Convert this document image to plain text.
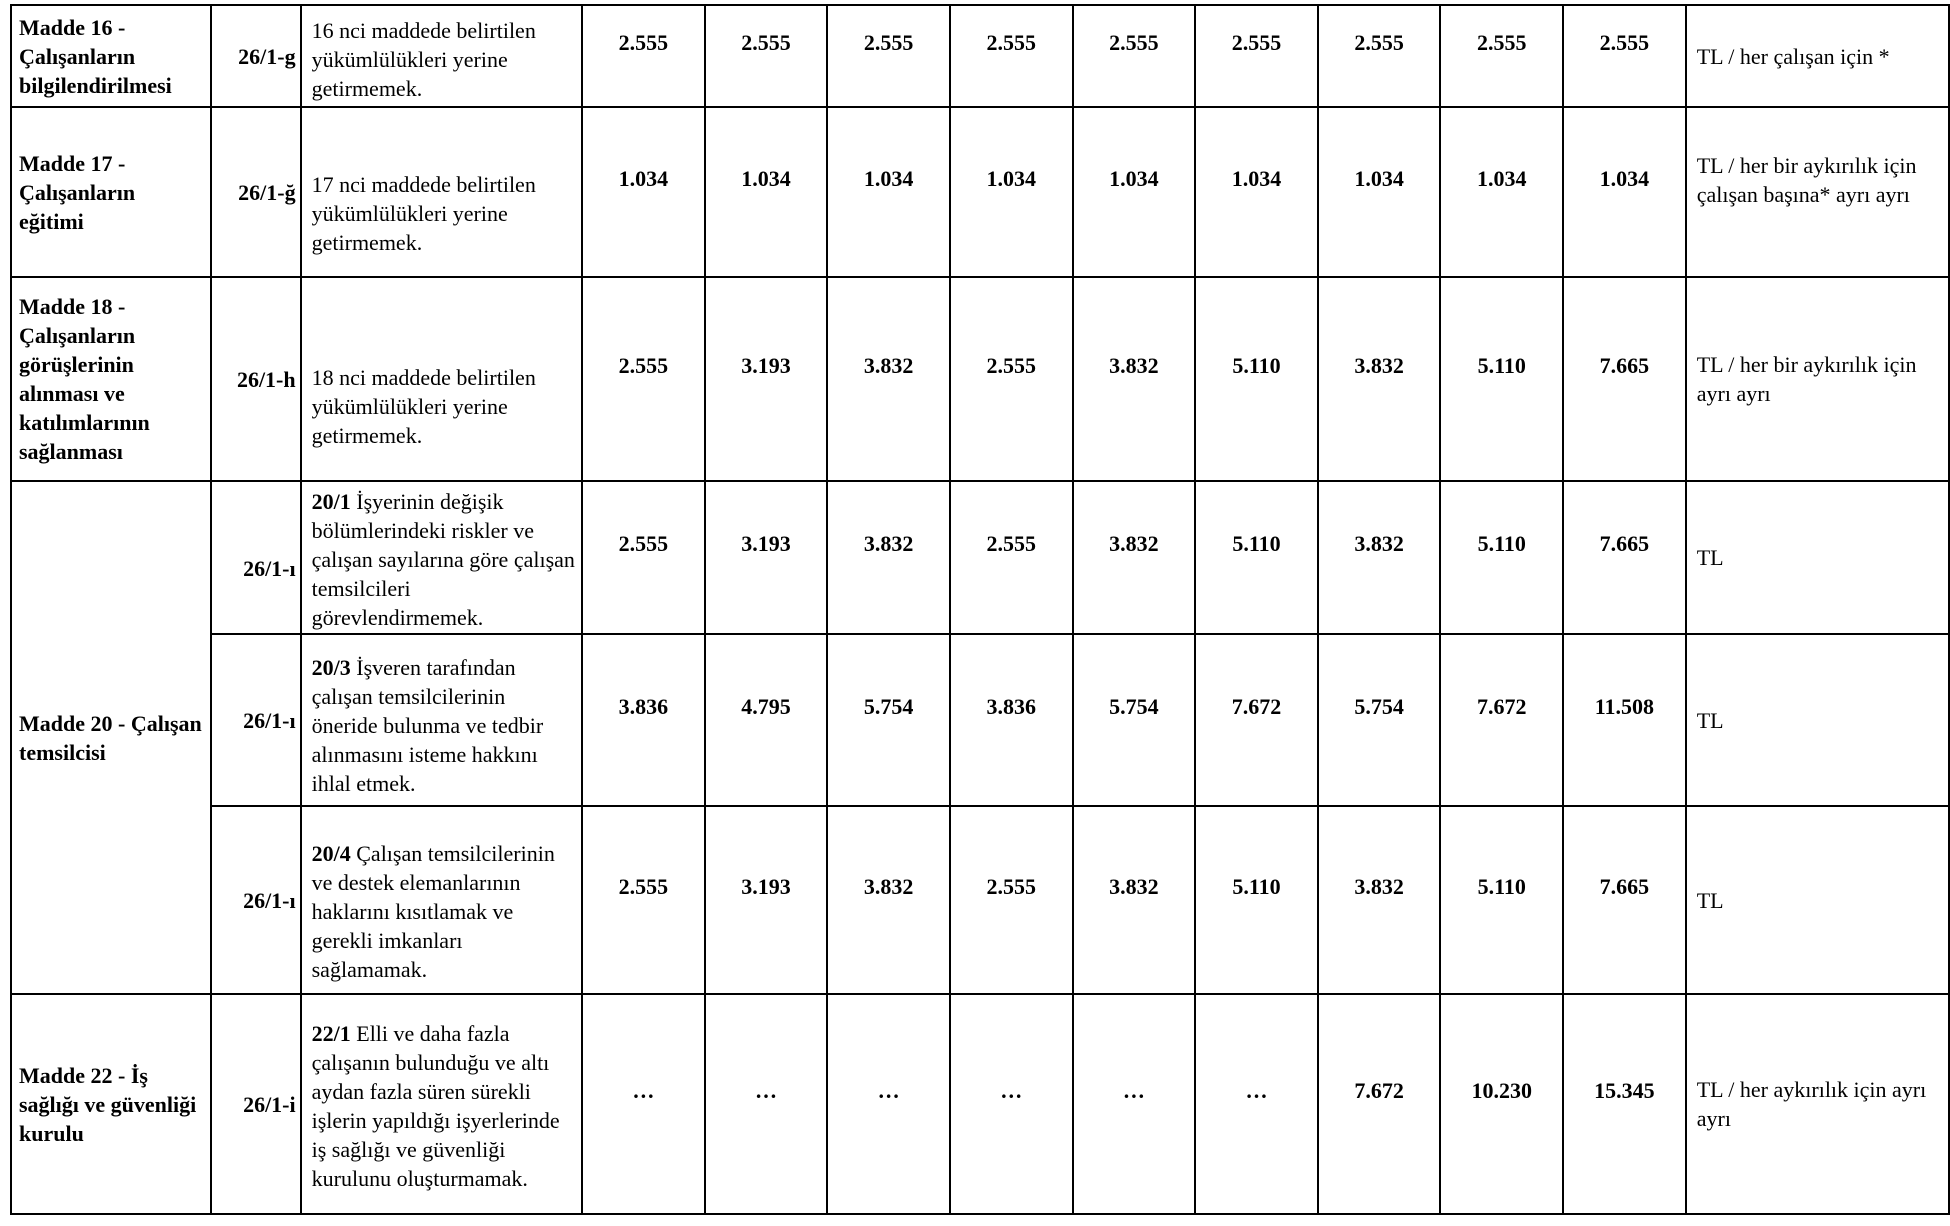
Madde 16 - Çalışanların bilgilendirilmesi	26/1-g	16 nci maddede belirtilen yükümlülükleri yerine getirmemek.	2.555	2.555	2.555	2.555	2.555	2.555	2.555	2.555	2.555	TL / her çalışan için *

Madde 17 - Çalışanların eğitimi	26/1-ğ	17 nci maddede belirtilen yükümlülükleri yerine getirmemek.	1.034	1.034	1.034	1.034	1.034	1.034	1.034	1.034	1.034	TL / her bir aykırılık için çalışan başına* ayrı ayrı

Madde 18 - Çalışanların görüşlerinin alınması ve katılımlarının sağlanması	26/1-h	18 nci maddede belirtilen yükümlülükleri yerine getirmemek.	2.555	3.193	3.832	2.555	3.832	5.110	3.832	5.110	7.665	TL / her bir aykırılık için ayrı ayrı

Madde 20 - Çalışan temsilcisi	26/1-ı	20/1 İşyerinin değişik bölümlerindeki riskler ve çalışan sayılarına göre çalışan temsilcileri görevlendirmemek.	2.555	3.193	3.832	2.555	3.832	5.110	3.832	5.110	7.665	TL

	26/1-ı	20/3 İşveren tarafından çalışan temsilcilerinin öneride bulunma ve tedbir alınmasını isteme hakkını ihlal etmek.	3.836	4.795	5.754	3.836	5.754	7.672	5.754	7.672	11.508	TL

	26/1-ı	20/4 Çalışan temsilcilerinin ve destek elemanlarının haklarını kısıtlamak ve gerekli imkanları sağlamamak.	2.555	3.193	3.832	2.555	3.832	5.110	3.832	5.110	7.665	TL

Madde 22 - İş sağlığı ve güvenliği kurulu	26/1-i	22/1 Elli ve daha fazla çalışanın bulunduğu ve altı aydan fazla süren sürekli işlerin yapıldığı işyerlerinde iş sağlığı ve güvenliği kurulunu oluşturmamak.	…	…	…	…	…	…	7.672	10.230	15.345	TL / her aykırılık için ayrı ayrı
